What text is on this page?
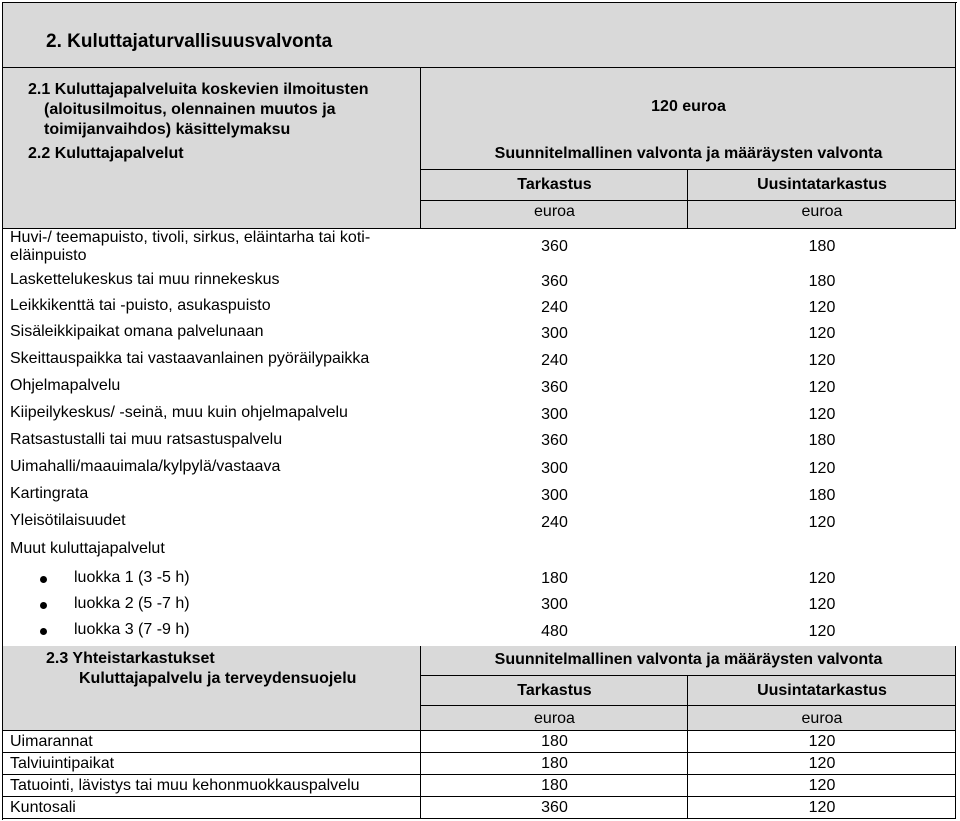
2. Kuluttajaturvallisuusvalvonta
2.1 Kuluttajapalveluita koskevien ilmoitusten
(aloitusilmoitus, olennainen muutos ja
toimijanvaihdos) käsittelymaksu
120 euroa
2.2 Kuluttajapalvelut	Suunnitelmallinen valvonta ja määräysten valvonta
Tarkastus	Uusintatarkastus
euroa	euroa
Huvi-/ teemapuisto, tivoli, sirkus, eläintarha tai koti-
eläinpuisto
360	180
Laskettelukeskus tai muu rinnekeskus	360	180
Leikkikenttä tai -puisto, asukaspuisto	240	120
Sisäleikkipaikat omana palvelunaan	300	120
Skeittauspaikka tai vastaavanlainen pyöräilypaikka	240	120
Ohjelmapalvelu	360	120
Kiipeilykeskus/ -seinä, muu kuin ohjelmapalvelu	300	120
Ratsastustalli tai muu ratsastuspalvelu	360	180
Uimahalli/maauimala/kylpylä/vastaava	300	120
Kartingrata	300	180
Yleisötilaisuudet	240	120
Muut kuluttajapalvelut
luokka 1 (3 -5 h)	180	120
luokka 2 (5 -7 h)	300	120
luokka 3 (7 -9 h)	480	120
2.3 Yhteistarkastukset
Kuluttajapalvelu ja terveydensuojelu
Suunnitelmallinen valvonta ja määräysten valvonta
Tarkastus	Uusintatarkastus
euroa	euroa
Uimarannat	180	120
Talviuintipaikat	180	120
Tatuointi, lävistys tai muu kehonmuokkauspalvelu	180	120
Kuntosali	360	120
